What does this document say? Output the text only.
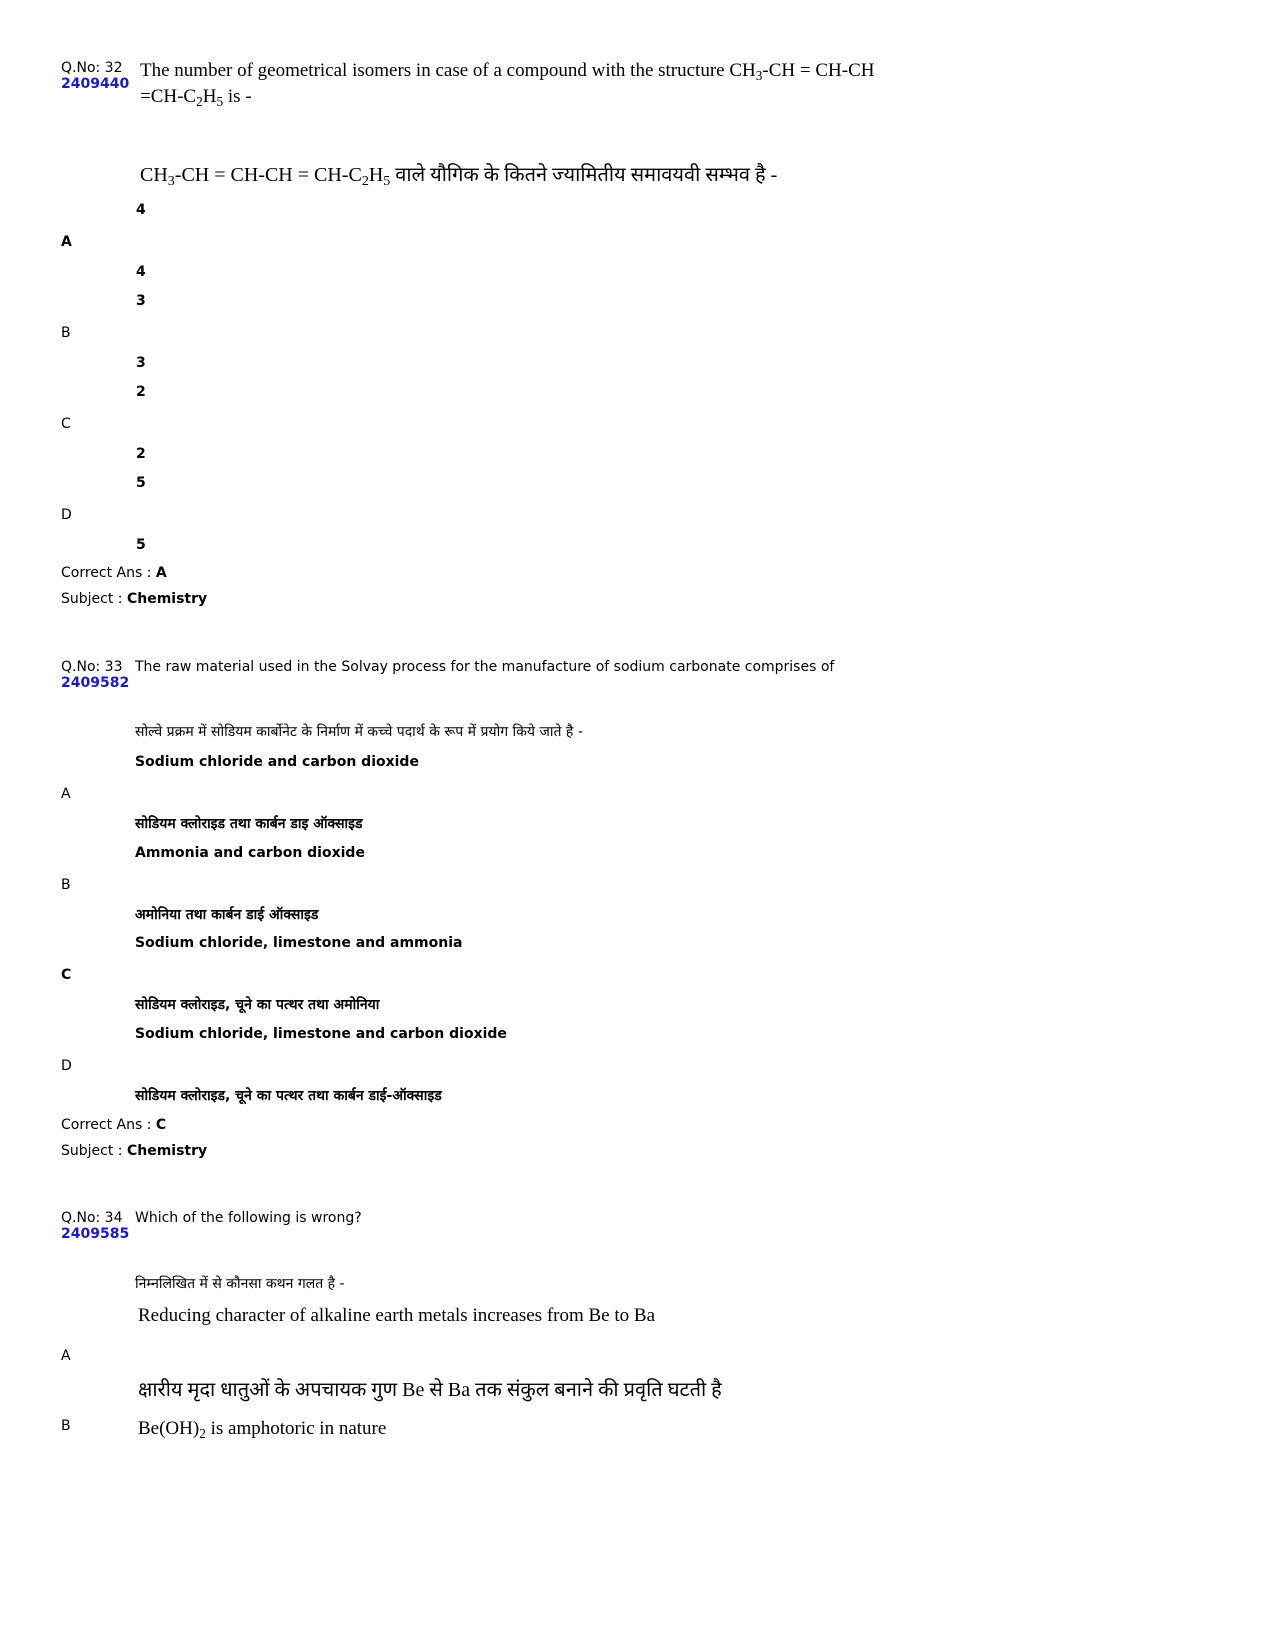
Q.No: 32
2409440
The number of geometrical isomers in case of a compound with the structure $CH_3-CH = CH-CH$
$=CH-C_2H_5$ is -
$CH_3-CH = CH-CH = CH-C_2H_5$ वाले यौगिक के कितने ज्यामितीय समावयवी सम्भव है -
4
A
4
3
B
3
2
C
2
5
D
5
Correct Ans : A
Subject : Chemistry
Q.No: 33
2409582
The raw material used in the Solvay process for the manufacture of sodium carbonate comprises of
सोल्वे प्रक्रम में सोडियम कार्बोनेट के निर्माण में कच्चे पदार्थ के रूप में प्रयोग किये जाते है -
Sodium chloride and carbon dioxide
A
सोडियम क्लोराइड तथा कार्बन डाइ ऑक्साइड
Ammonia and carbon dioxide
B
अमोनिया तथा कार्बन डाई ऑक्साइड
Sodium chloride, limestone and ammonia
C
सोडियम क्लोराइड, चूने का पत्थर तथा अमोनिया
Sodium chloride, limestone and carbon dioxide
D
सोडियम क्लोराइड, चूने का पत्थर तथा कार्बन डाई-ऑक्साइड
Correct Ans : C
Subject : Chemistry
Q.No: 34
2409585
Which of the following is wrong?
निम्नलिखित में से कौनसा कथन गलत है -
Reducing character of alkaline earth metals increases from Be to Ba
A
क्षारीय मृदा धातुओं के अपचायक गुण Be से Ba तक संकुल बनाने की प्रवृति घटती है
B	$Be(OH)_2$ is amphotoric in nature
